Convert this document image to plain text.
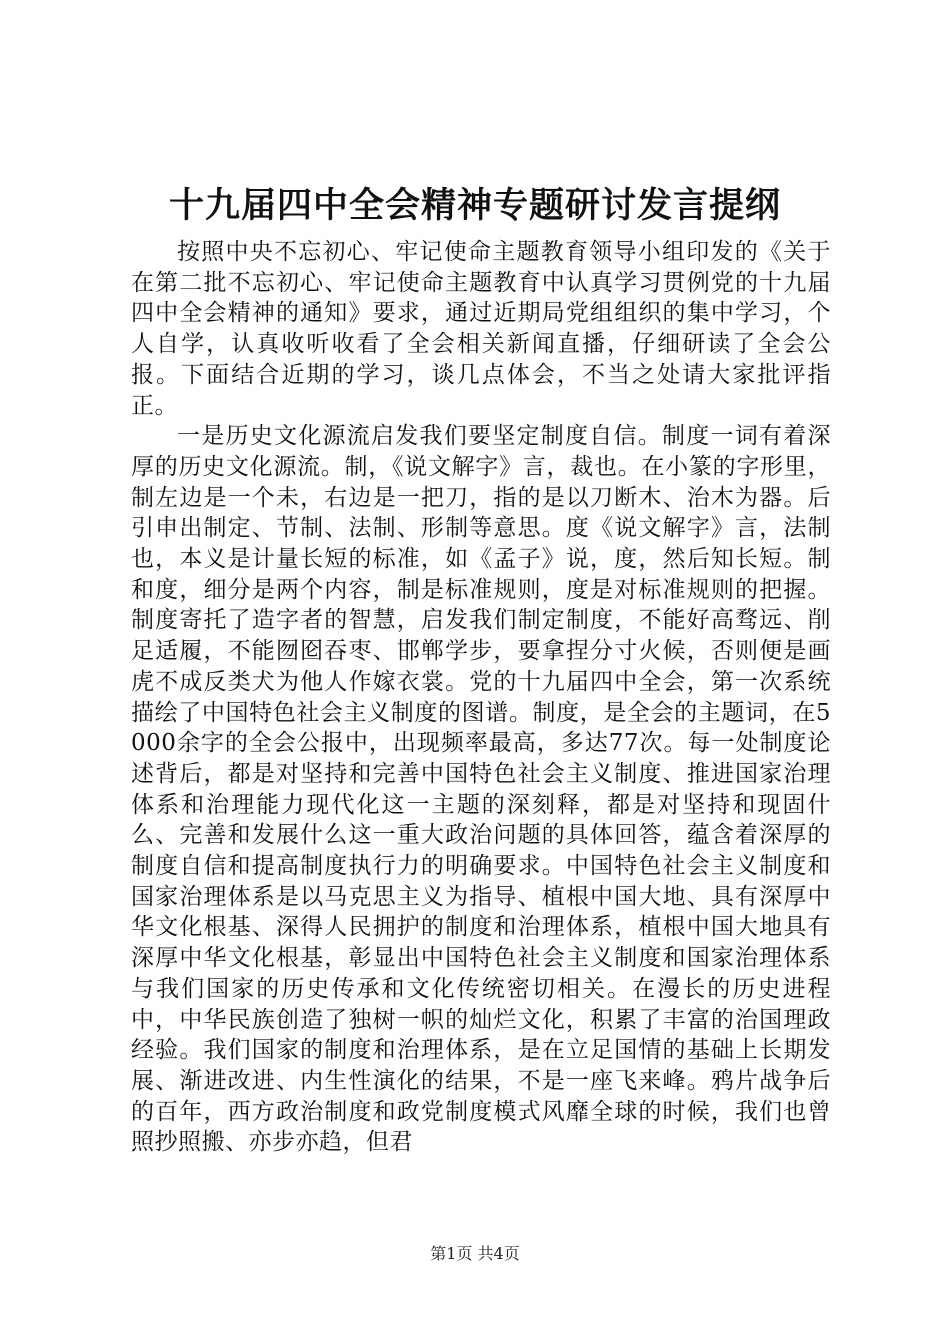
十九届四中全会精神专题研讨发言提纲

按照中央不忘初心、牢记使命主题教育领导小组印发的《关于在第二批不忘初心、牢记使命主题教育中认真学习贯例党的十九届四中全会精神的通知》要求，通过近期局党组组织的集中学习，个人自学，认真收听收看了全会相关新闻直播，仔细研读了全会公报。下面结合近期的学习，谈几点体会，不当之处请大家批评指正。

一是历史文化源流启发我们要坚定制度自信。制度一词有着深厚的历史文化源流。制，《说文解字》言，裁也。在小篆的字形里，制左边是一个未，右边是一把刀，指的是以刀断木、治木为器。后引申出制定、节制、法制、形制等意思。度《说文解字》言，法制也，本义是计量长短的标准，如《孟子》说，度，然后知长短。制和度，细分是两个内容，制是标准规则，度是对标准规则的把握。制度寄托了造字者的智慧，启发我们制定制度，不能好高骛远、削足适履，不能囫囵吞枣、邯郸学步，要拿捏分寸火候，否则便是画虎不成反类犬为他人作嫁衣裳。党的十九届四中全会，第一次系统描绘了中国特色社会主义制度的图谱。制度，是全会的主题词，在5000余字的全会公报中，出现频率最高，多达77次。每一处制度论述背后，都是对坚持和完善中国特色社会主义制度、推进国家治理体系和治理能力现代化这一主题的深刻释，都是对坚持和现固什么、完善和发展什么这一重大政治问题的具体回答，蕴含着深厚的制度自信和提高制度执行力的明确要求。中国特色社会主义制度和国家治理体系是以马克思主义为指导、植根中国大地、具有深厚中华文化根基、深得人民拥护的制度和治理体系，植根中国大地具有深厚中华文化根基，彰显出中国特色社会主义制度和国家治理体系与我们国家的历史传承和文化传统密切相关。在漫长的历史进程中，中华民族创造了独树一帜的灿烂文化，积累了丰富的治国理政经验。我们国家的制度和治理体系，是在立足国情的基础上长期发展、渐进改进、内生性演化的结果，不是一座飞来峰。鸦片战争后的百年，西方政治制度和政党制度模式风靡全球的时候，我们也曾照抄照搬、亦步亦趋，但君

第1页 共4页
